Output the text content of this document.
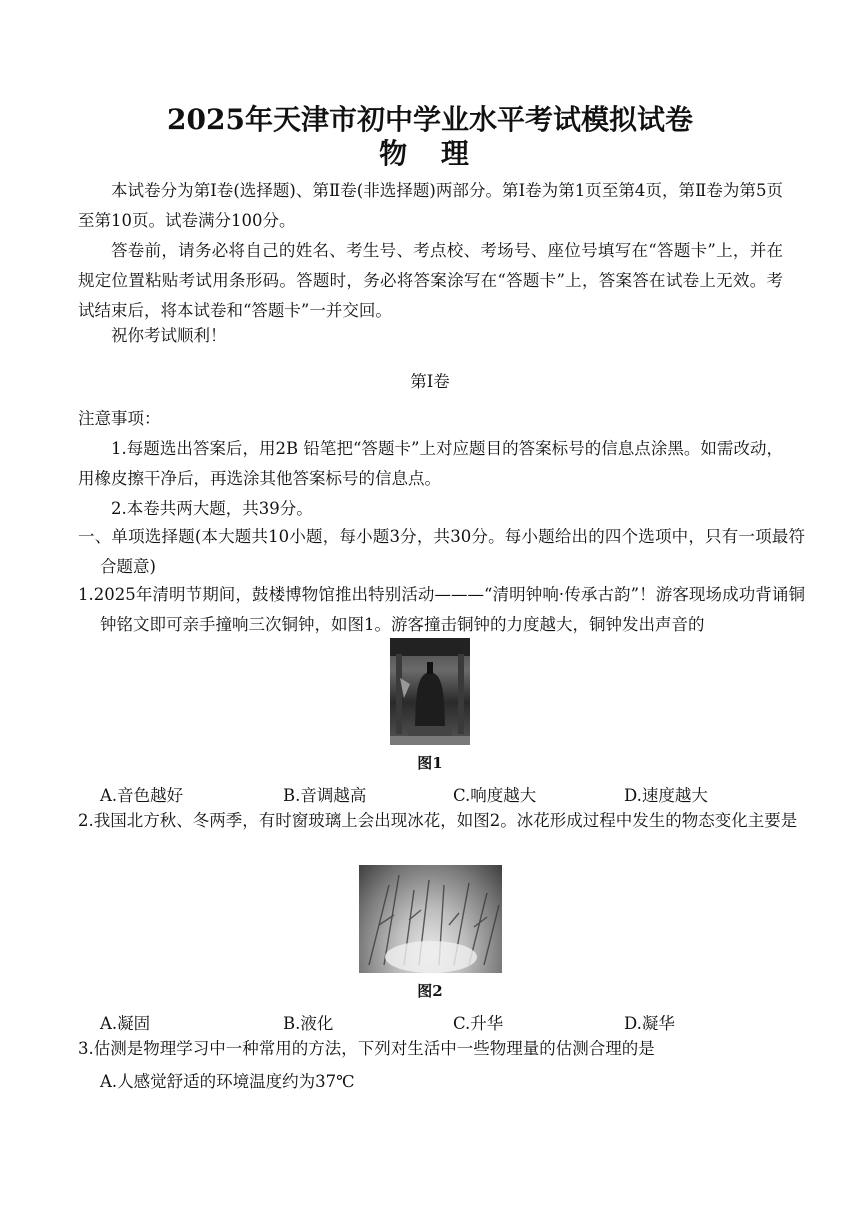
2025年天津市初中学业水平考试模拟试卷
物 理
本试卷分为第Ⅰ卷(选择题)、第Ⅱ卷(非选择题)两部分。第Ⅰ卷为第1页至第4页，第Ⅱ卷为第5页至第10页。试卷满分100分。
答卷前，请务必将自己的姓名、考生号、考点校、考场号、座位号填写在“答题卡”上，并在规定位置粘贴考试用条形码。答题时，务必将答案涂写在“答题卡”上，答案答在试卷上无效。考试结束后，将本试卷和“答题卡”一并交回。
祝你考试顺利！
第Ⅰ卷
注意事项：
1.每题选出答案后，用2B 铅笔把“答题卡”上对应题目的答案标号的信息点涂黑。如需改动，用橡皮擦干净后，再选涂其他答案标号的信息点。
2.本卷共两大题，共39分。
一、单项选择题(本大题共10小题，每小题3分，共30分。每小题给出的四个选项中，只有一项最符合题意)
1.2025年清明节期间，鼓楼博物馆推出特别活动———“清明钟响·传承古韵”！游客现场成功背诵铜钟铭文即可亲手撞响三次铜钟，如图1。游客撞击铜钟的力度越大，铜钟发出声音的
图1
A.音色越好	B.音调越高	C.响度越大	D.速度越大
2.我国北方秋、冬两季，有时窗玻璃上会出现冰花，如图2。冰花形成过程中发生的物态变化主要是
图2
A.凝固	B.液化	C.升华	D.凝华
3.估测是物理学习中一种常用的方法，下列对生活中一些物理量的估测合理的是
A.人感觉舒适的环境温度约为37℃
